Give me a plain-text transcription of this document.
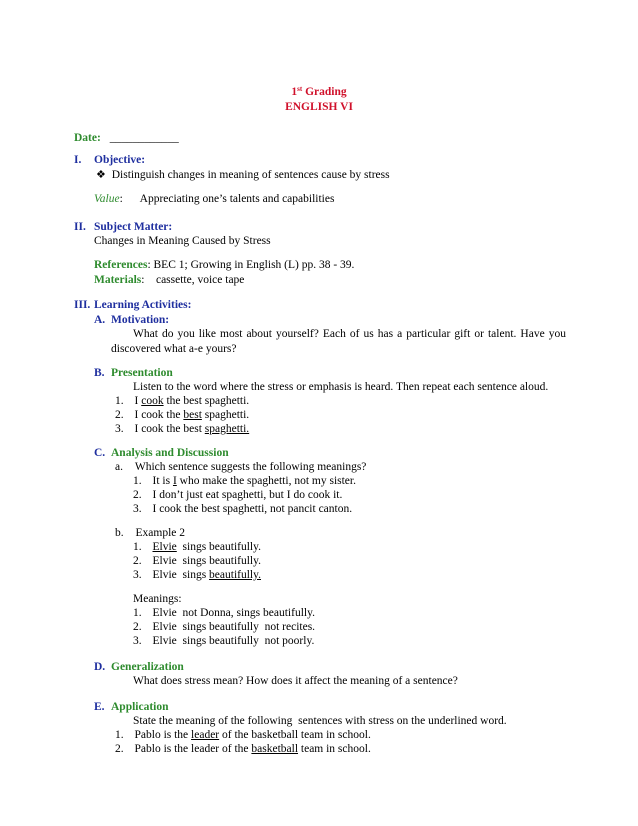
1st Grading
ENGLISH VI
Date: ____________
I. Objective:
❖ Distinguish changes in meaning of sentences cause by stress
Value: Appreciating one’s talents and capabilities
II. Subject Matter:
Changes in Meaning Caused by Stress
References: BEC 1; Growing in English (L) pp. 38 - 39.
Materials:    cassette, voice tape
III. Learning Activities:
A. Motivation:
What do you like most about yourself? Each of us has a particular gift or talent. Have you discovered what a-e yours?
B. Presentation
Listen to the word where the stress or emphasis is heard. Then repeat each sentence aloud.
1. I cook the best spaghetti.
2. I cook the best spaghetti.
3. I cook the best spaghetti.
C. Analysis and Discussion
a. Which sentence suggests the following meanings?
1. It is I who make the spaghetti, not my sister.
2. I don’t just eat spaghetti, but I do cook it.
3. I cook the best spaghetti, not pancit canton.
b. Example 2
1. Elvie  sings beautifully.
2. Elvie  sings beautifully.
3. Elvie  sings beautifully.
Meanings:
1. Elvie  not Donna, sings beautifully.
2. Elvie  sings beautifully  not recites.
3. Elvie  sings beautifully  not poorly.
D. Generalization
What does stress mean? How does it affect the meaning of a sentence?
E. Application
State the meaning of the following  sentences with stress on the underlined word.
1. Pablo is the leader of the basketball team in school.
2. Pablo is the leader of the basketball team in school.
